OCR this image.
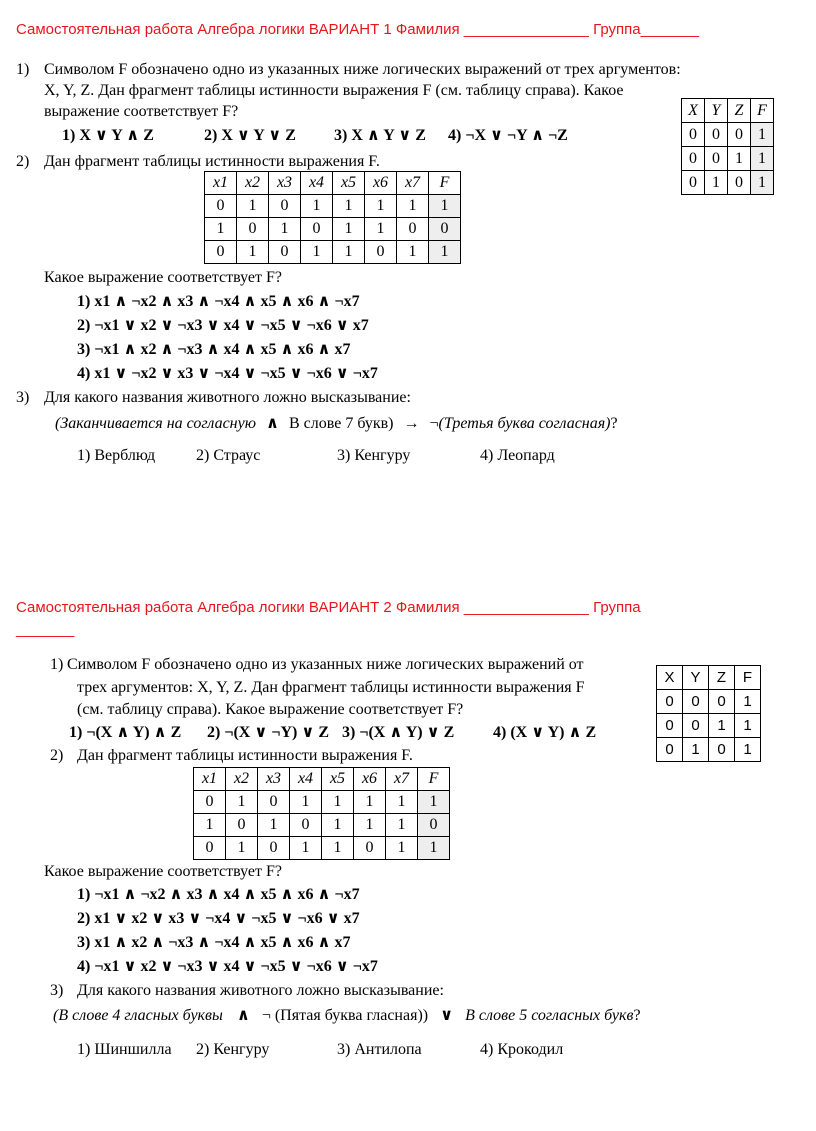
Самостоятельная работа Алгебра логики ВАРИАНТ 1 Фамилия _______________ Группа_______
1) Символом F обозначено одно из указанных ниже логических выражений от трех аргументов:
X, Y, Z. Дан фрагмент таблицы истинности выражения F (см. таблицу справа). Какое
выражение соответствует F?
1) X ∨ Y ∧ Z	2) X ∨ Y ∨ Z 3) X ∧ Y ∨ Z 4) ¬X ∨ ¬Y ∧ ¬Z
X	Y	Z	F
0	0	0	1
0	0	1	1
0	1	0	1
2) Дан фрагмент таблицы истинности выражения F.
x1	x2	x3	x4	x5	x6	x7	F
0	1	0	1	1	1	1	1
1	0	1	0	1	1	0	0
0	1	0	1	1	0	1	1
Какое выражение соответствует F?
1) x1 ∧ ¬x2 ∧ x3 ∧ ¬x4 ∧ x5 ∧ x6 ∧ ¬x7
2) ¬x1 ∨ x2 ∨ ¬x3 ∨ x4 ∨ ¬x5 ∨ ¬x6 ∨ x7
3) ¬x1 ∧ x2 ∧ ¬x3 ∧ x4 ∧ x5 ∧ x6 ∧ x7
4) x1 ∨ ¬x2 ∨ x3 ∨ ¬x4 ∨ ¬x5 ∨ ¬x6 ∨ ¬x7
3) Для какого названия животного ложно высказывание:
(Заканчивается на согласную ∧ В слове 7 букв) → ¬(Третья буква согласная)?
1) Верблюд	2) Страус	3) Кенгуру	4) Леопард
Самостоятельная работа Алгебра логики ВАРИАНТ 2 Фамилия _______________ Группа
_______
1) Символом F обозначено одно из указанных ниже логических выражений от
трех аргументов: X, Y, Z. Дан фрагмент таблицы истинности выражения F
(см. таблицу справа). Какое выражение соответствует F?
1) ¬(X ∧ Y) ∧ Z 2) ¬(X ∨ ¬Y) ∨ Z 3) ¬(X ∧ Y) ∨ Z 4) (X ∨ Y) ∧ Z
X	Y	Z	F
0	0	0	1
0	0	1	1
0	1	0	1
2) Дан фрагмент таблицы истинности выражения F.
x1	x2	x3	x4	x5	x6	x7	F
0	1	0	1	1	1	1	1
1	0	1	0	1	1	1	0
0	1	0	1	1	0	1	1
Какое выражение соответствует F?
1) ¬x1 ∧ ¬x2 ∧ x3 ∧ x4 ∧ x5 ∧ x6 ∧ ¬x7
2) x1 ∨ x2 ∨ x3 ∨ ¬x4 ∨ ¬x5 ∨ ¬x6 ∨ x7
3) x1 ∧ x2 ∧ ¬x3 ∧ ¬x4 ∧ x5 ∧ x6 ∧ x7
4) ¬x1 ∨ x2 ∨ ¬x3 ∨ x4 ∨ ¬x5 ∨ ¬x6 ∨ ¬x7
3) Для какого названия животного ложно высказывание:
(В слове 4 гласных буквы ∧ ¬ (Пятая буква гласная)) ∨ В слове 5 согласных букв?
1) Шиншилла 2) Кенгуру	3) Антилопа	4) Крокодил
